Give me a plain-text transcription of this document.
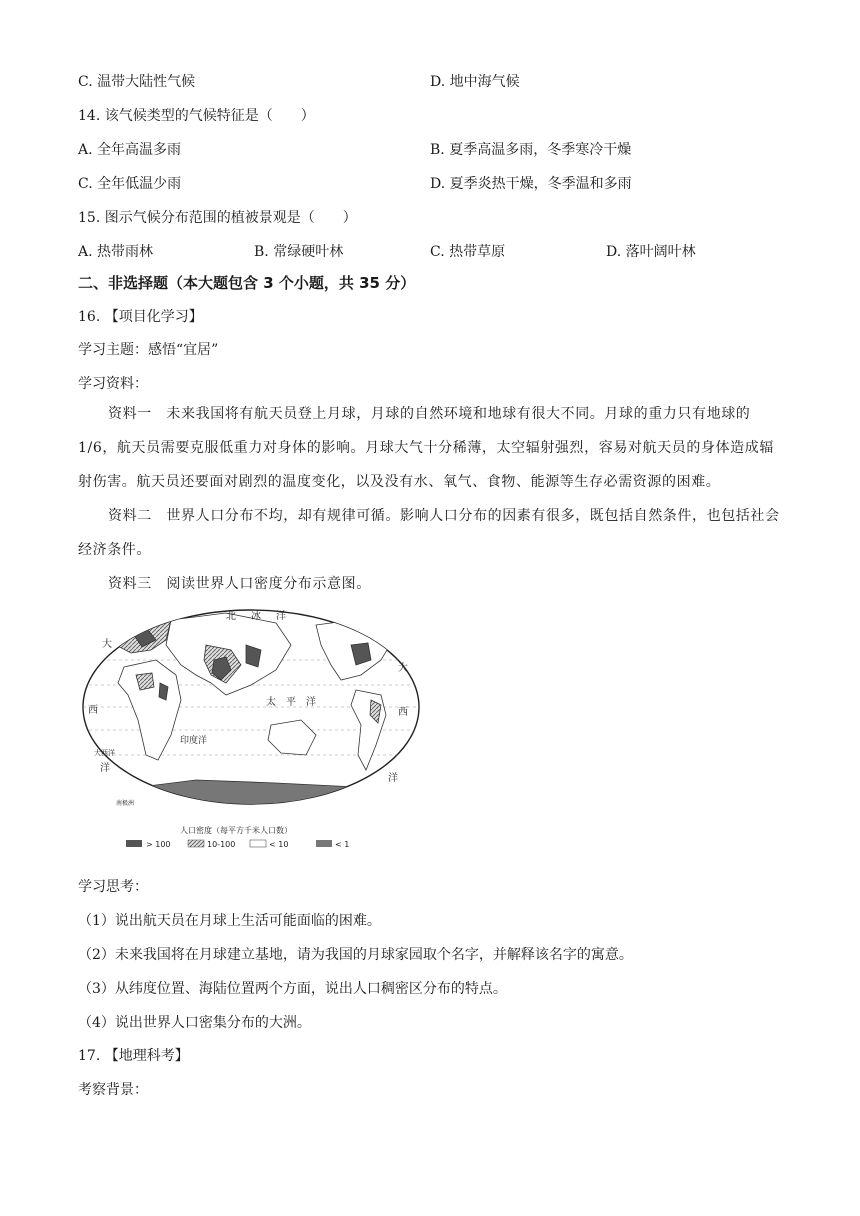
C. 温带大陆性气候	D. 地中海气候
14. 该气候类型的气候特征是（　　）
A. 全年高温多雨	B. 夏季高温多雨，冬季寒冷干燥
C. 全年低温少雨	D. 夏季炎热干燥，冬季温和多雨
15. 图示气候分布范围的植被景观是（　　）
A. 热带雨林	B. 常绿硬叶林	C. 热带草原	D. 落叶阔叶林
二、非选择题（本大题包含 3 个小题，共 35 分）
16. 【项目化学习】
学习主题：感悟“宜居”
学习资料：
资料一　未来我国将有航天员登上月球，月球的自然环境和地球有很大不同。月球的重力只有地球的 1/6，航天员需要克服低重力对身体的影响。月球大气十分稀薄，太空辐射强烈，容易对航天员的身体造成辐射伤害。航天员还要面对剧烈的温度变化，以及没有水、氧气、食物、能源等生存必需资源的困难。
资料二　世界人口分布不均，却有规律可循。影响人口分布的因素有很多，既包括自然条件，也包括社会经济条件。
资料三　阅读世界人口密度分布示意图。
北 冰 洋
大
大
西	西
太 平 洋
印度洋
大西洋
洋
洋
南极洲
人口密度（每平方千米人口数）
> 100	10-100	< 10	< 1
学习思考：
（1）说出航天员在月球上生活可能面临的困难。
（2）未来我国将在月球建立基地，请为我国的月球家园取个名字，并解释该名字的寓意。
（3）从纬度位置、海陆位置两个方面，说出人口稠密区分布的特点。
（4）说出世界人口密集分布的大洲。
17. 【地理科考】
考察背景：
